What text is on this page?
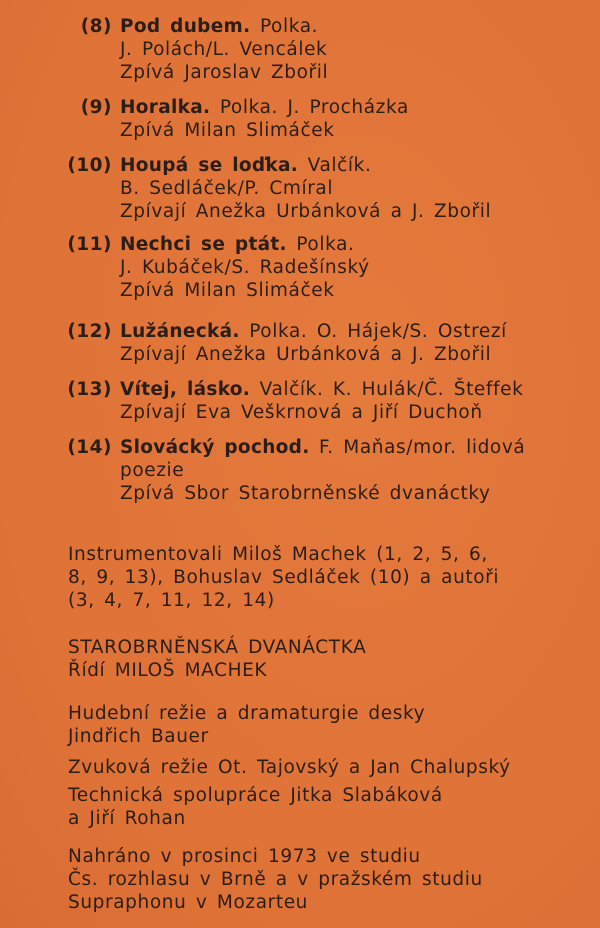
(8) Pod dubem. Polka.
J. Polách/L. Vencálek
Zpívá Jaroslav Zbořil
(9) Horalka. Polka. J. Procházka
Zpívá Milan Slimáček
(10) Houpá se loďka. Valčík.
B. Sedláček/P. Cmíral
Zpívají Anežka Urbánková a J. Zbořil
(11) Nechci se ptát. Polka.
J. Kubáček/S. Radešínský
Zpívá Milan Slimáček
(12) Lužánecká. Polka. O. Hájek/S. Ostrezí
Zpívají Anežka Urbánková a J. Zbořil
(13) Vítej, lásko. Valčík. K. Hulák/Č. Šteffek
Zpívají Eva Veškrnová a Jiří Duchoň
(14) Slovácký pochod. F. Maňas/mor. lidová
poezie
Zpívá Sbor Starobrněnské dvanáctky
Instrumentovali Miloš Machek (1, 2, 5, 6,
8, 9, 13), Bohuslav Sedláček (10) a autoři
(3, 4, 7, 11, 12, 14)
STAROBRNĚNSKÁ DVANÁCTKA
Řídí MILOŠ MACHEK
Hudební režie a dramaturgie desky
Jindřich Bauer
Zvuková režie Ot. Tajovský a Jan Chalupský
Technická spolupráce Jitka Slabáková
a Jiří Rohan
Nahráno v prosinci 1973 ve studiu
Čs. rozhlasu v Brně a v pražském studiu
Supraphonu v Mozarteu
